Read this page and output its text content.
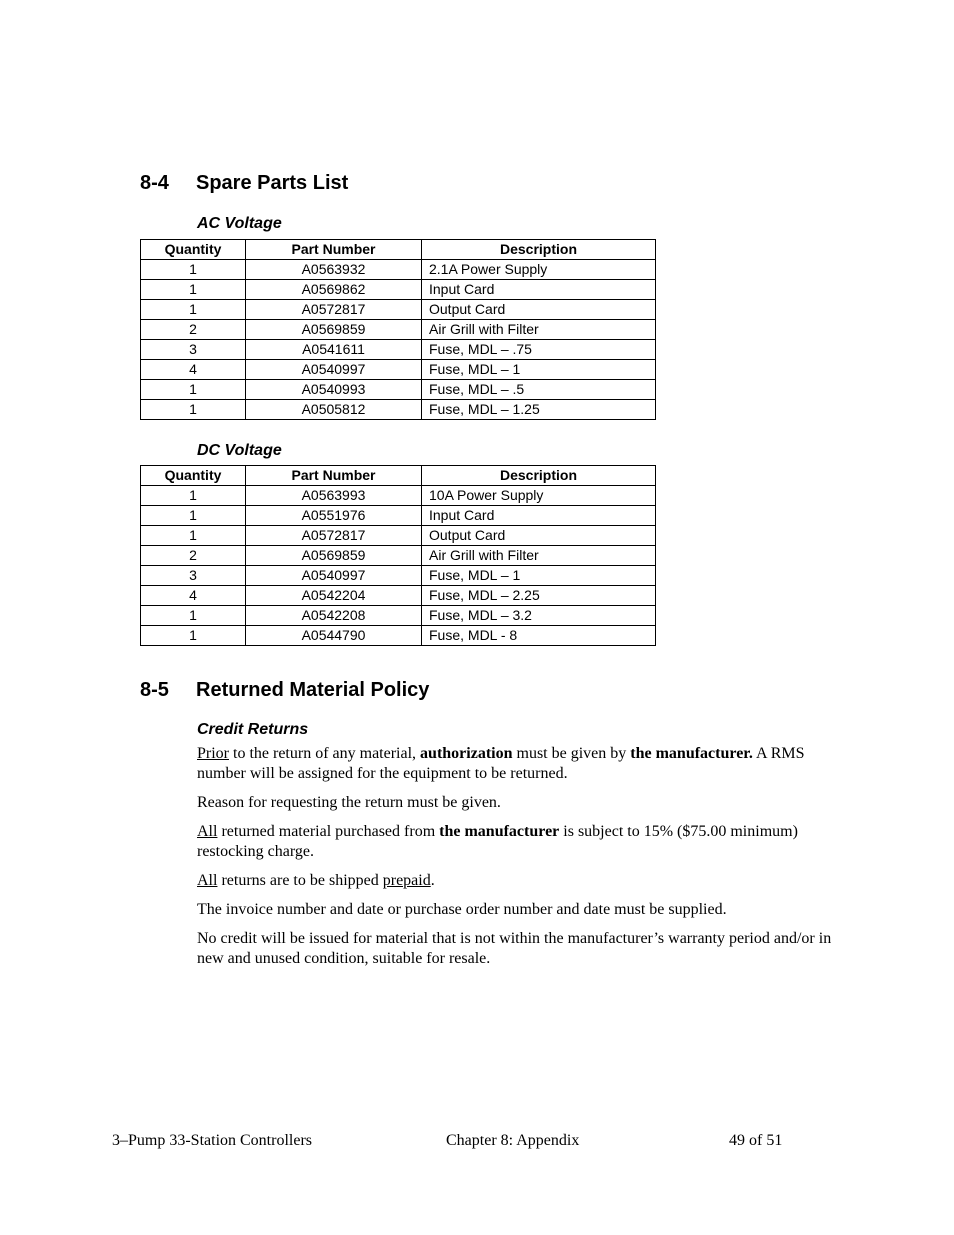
8-4 Spare Parts List
AC Voltage
Quantity	Part Number	Description
1	A0563932	2.1A Power Supply
1	A0569862	Input Card
1	A0572817	Output Card
2	A0569859	Air Grill with Filter
3	A0541611	Fuse, MDL – .75
4	A0540997	Fuse, MDL – 1
1	A0540993	Fuse, MDL – .5
1	A0505812	Fuse, MDL – 1.25
DC Voltage
Quantity	Part Number	Description
1	A0563993	10A Power Supply
1	A0551976	Input Card
1	A0572817	Output Card
2	A0569859	Air Grill with Filter
3	A0540997	Fuse, MDL – 1
4	A0542204	Fuse, MDL – 2.25
1	A0542208	Fuse, MDL – 3.2
1	A0544790	Fuse, MDL - 8
8-5 Returned Material Policy
Credit Returns

Prior to the return of any material, authorization must be given by the manufacturer. A RMS number will be assigned for the equipment to be returned.

Reason for requesting the return must be given.

All returned material purchased from the manufacturer is subject to 15% ($75.00 minimum) restocking charge.

All returns are to be shipped prepaid.

The invoice number and date or purchase order number and date must be supplied.

No credit will be issued for material that is not within the manufacturer’s warranty period and/or in new and unused condition, suitable for resale.

3–Pump 33-Station Controllers	Chapter 8: Appendix	49 of 51
